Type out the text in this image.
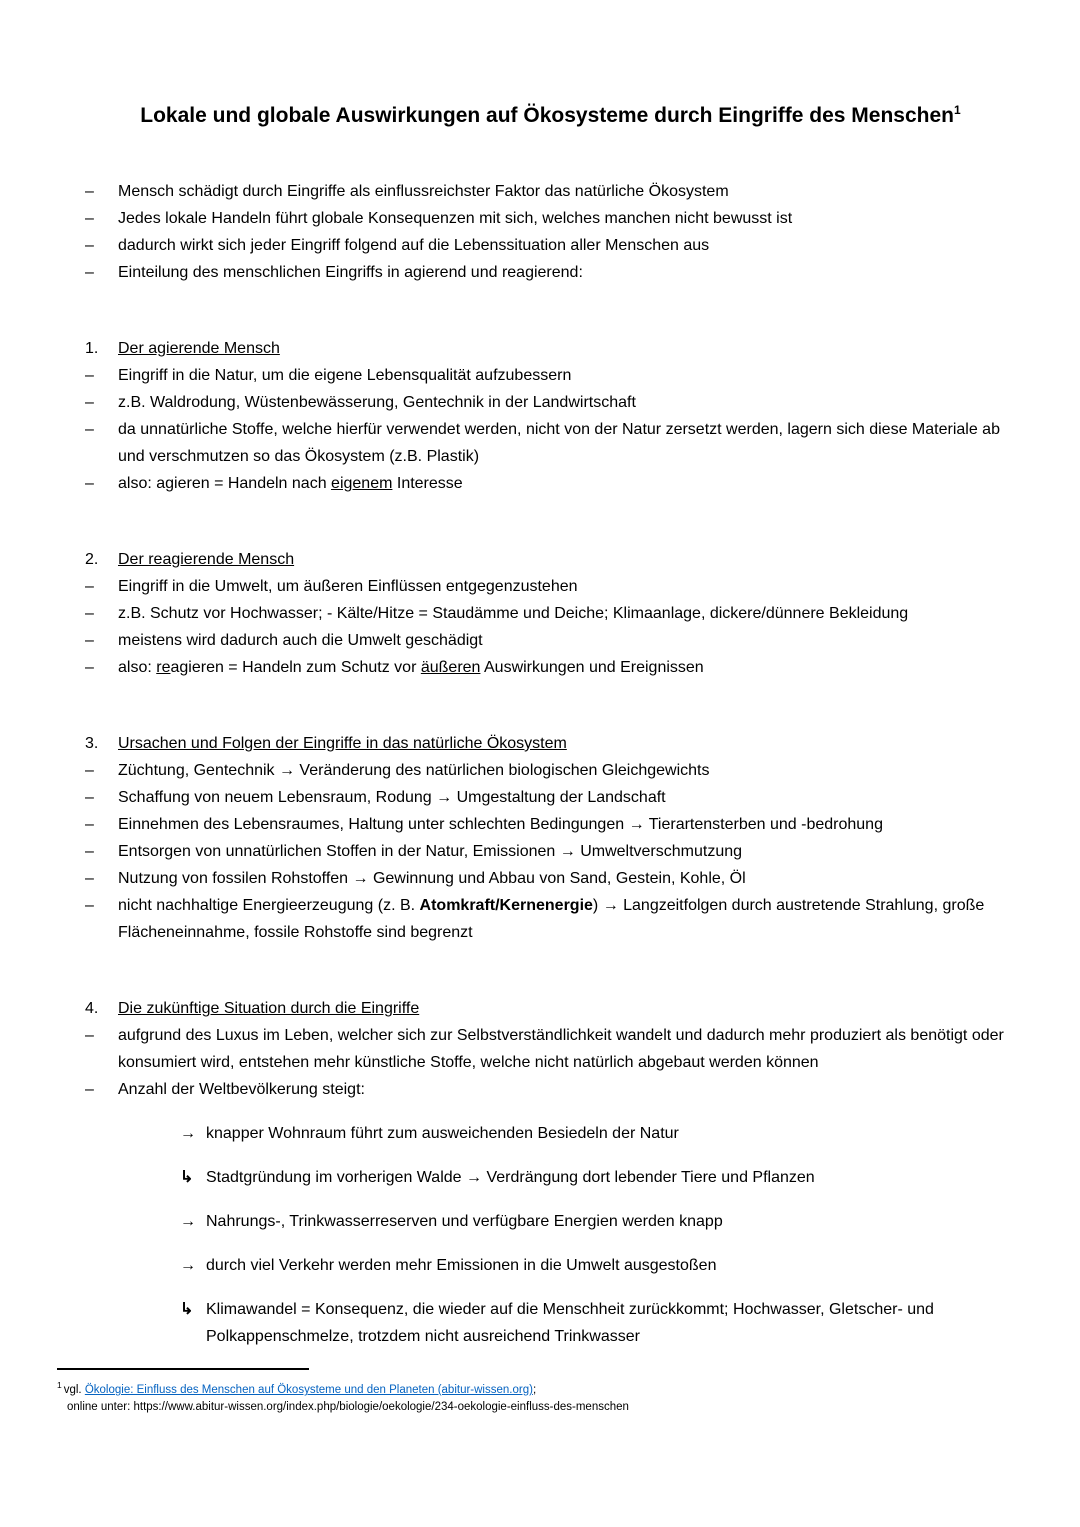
Lokale und globale Auswirkungen auf Ökosysteme durch Eingriffe des Menschen$^1$
–	Mensch schädigt durch Eingriffe als einflussreichster Faktor das natürliche Ökosystem
–	Jedes lokale Handeln führt globale Konsequenzen mit sich, welches manchen nicht bewusst ist
–	dadurch wirkt sich jeder Eingriff folgend auf die Lebenssituation aller Menschen aus
–	Einteilung des menschlichen Eingriffs in agierend und reagierend:
1.	Der agierende Mensch
–	Eingriff in die Natur, um die eigene Lebensqualität aufzubessern
–	z.B. Waldrodung, Wüstenbewässerung, Gentechnik in der Landwirtschaft
–	da unnatürliche Stoffe, welche hierfür verwendet werden, nicht von der Natur zersetzt werden, lagern sich diese Materiale ab und verschmutzen so das Ökosystem (z.B. Plastik)
–	also: agieren = Handeln nach eigenem Interesse
2.	Der reagierende Mensch
–	Eingriff in die Umwelt, um äußeren Einflüssen entgegenzustehen
–	z.B. Schutz vor Hochwasser; - Kälte/Hitze = Staudämme und Deiche; Klimaanlage, dickere/dünnere Bekleidung
–	meistens wird dadurch auch die Umwelt geschädigt
–	also: reagieren = Handeln zum Schutz vor äußeren Auswirkungen und Ereignissen
3.	Ursachen und Folgen der Eingriffe in das natürliche Ökosystem
–	Züchtung, Gentechnik → Veränderung des natürlichen biologischen Gleichgewichts
–	Schaffung von neuem Lebensraum, Rodung → Umgestaltung der Landschaft
–	Einnehmen des Lebensraumes, Haltung unter schlechten Bedingungen → Tierartensterben und -bedrohung
–	Entsorgen von unnatürlichen Stoffen in der Natur, Emissionen → Umweltverschmutzung
–	Nutzung von fossilen Rohstoffen → Gewinnung und Abbau von Sand, Gestein, Kohle, Öl
–	nicht nachhaltige Energieerzeugung (z. B. Atomkraft/Kernenergie) → Langzeitfolgen durch austretende Strahlung, große Flächeneinnahme, fossile Rohstoffe sind begrenzt
4.	Die zukünftige Situation durch die Eingriffe
–	aufgrund des Luxus im Leben, welcher sich zur Selbstverständlichkeit wandelt und dadurch mehr produziert als benötigt oder konsumiert wird, entstehen mehr künstliche Stoffe, welche nicht natürlich abgebaut werden können
–	Anzahl der Weltbevölkerung steigt:
→ knapper Wohnraum führt zum ausweichenden Besiedeln der Natur
↳ Stadtgründung im vorherigen Walde → Verdrängung dort lebender Tiere und Pflanzen
→ Nahrungs-, Trinkwasserreserven und verfügbare Energien werden knapp
→ durch viel Verkehr werden mehr Emissionen in die Umwelt ausgestoßen
↳ Klimawandel = Konsequenz, die wieder auf die Menschheit zurückkommt; Hochwasser, Gletscher- und Polkappenschmelze, trotzdem nicht ausreichend Trinkwasser
$^1$ vgl. Ökologie: Einfluss des Menschen auf Ökosysteme und den Planeten (abitur-wissen.org);
online unter: https://www.abitur-wissen.org/index.php/biologie/oekologie/234-oekologie-einfluss-des-menschen
